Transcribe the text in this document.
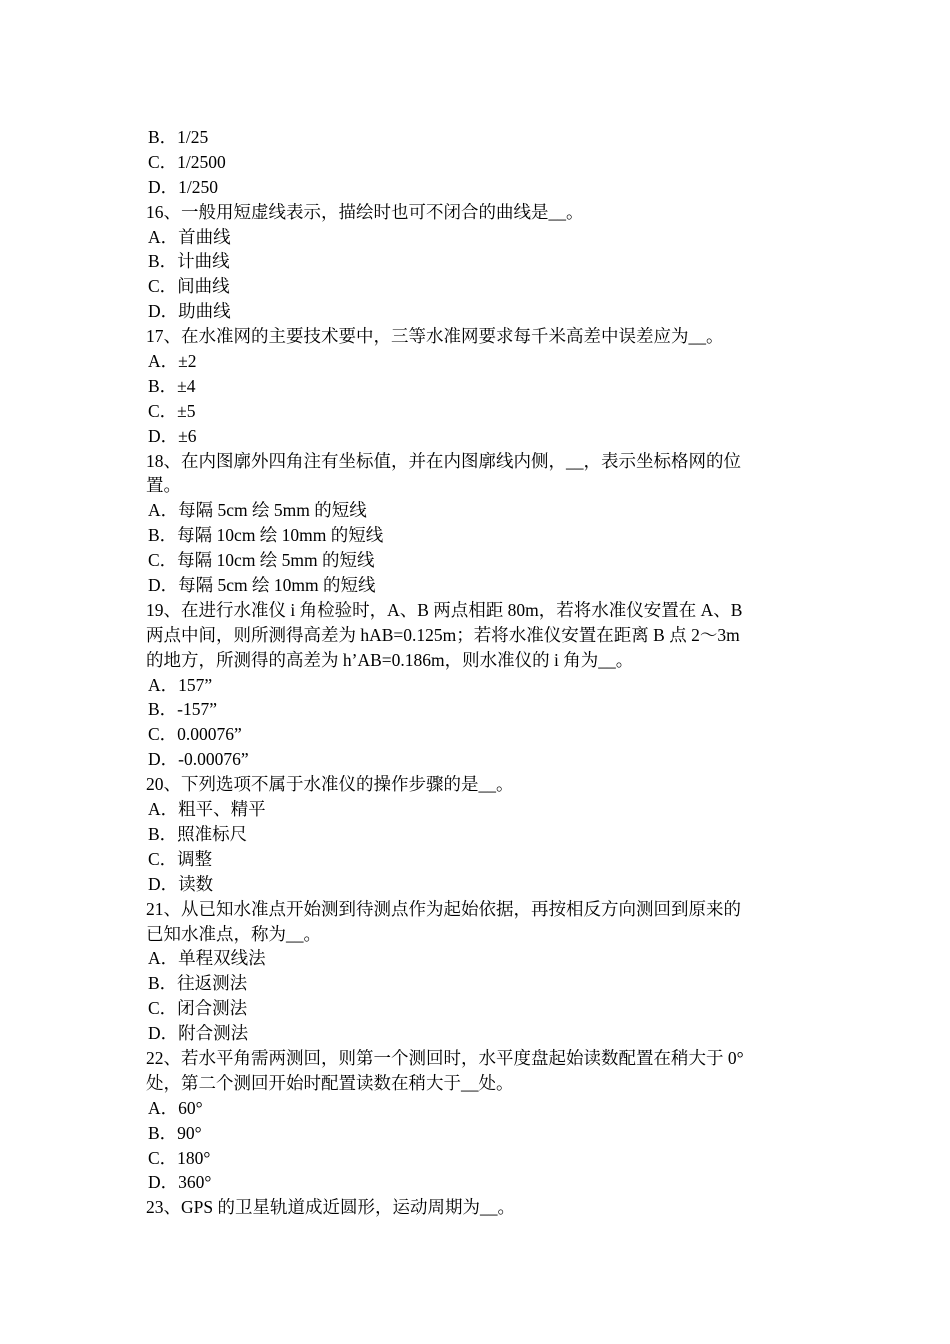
B．1/25
C．1/2500
D．1/250
16、一般用短虚线表示，描绘时也可不闭合的曲线是__。
A．首曲线
B．计曲线
C．间曲线
D．助曲线
17、在水准网的主要技术要中，三等水准网要求每千米高差中误差应为__。
A．±2
B．±4
C．±5
D．±6
18、在内图廓外四角注有坐标值，并在内图廓线内侧，__，表示坐标格网的位
置。
A．每隔 5cm 绘 5mm 的短线
B．每隔 10cm 绘 10mm 的短线
C．每隔 10cm 绘 5mm 的短线
D．每隔 5cm 绘 10mm 的短线
19、在进行水准仪 i 角检验时，A、B 两点相距 80m，若将水准仪安置在 A、B
两点中间，则所测得高差为 hAB=0.125m；若将水准仪安置在距离 B 点 2～3m
的地方，所测得的高差为 h’AB=0.186m，则水准仪的 i 角为__。
A．157”
B．-157”
C．0.00076”
D．-0.00076”
20、下列选项不属于水准仪的操作步骤的是__。
A．粗平、精平
B．照准标尺
C．调整
D．读数
21、从已知水准点开始测到待测点作为起始依据，再按相反方向测回到原来的
已知水准点，称为__。
A．单程双线法
B．往返测法
C．闭合测法
D．附合测法
22、若水平角需两测回，则第一个测回时，水平度盘起始读数配置在稍大于 0°
处，第二个测回开始时配置读数在稍大于__处。
A．60°
B．90°
C．180°
D．360°
23、GPS 的卫星轨道成近圆形，运动周期为__。
